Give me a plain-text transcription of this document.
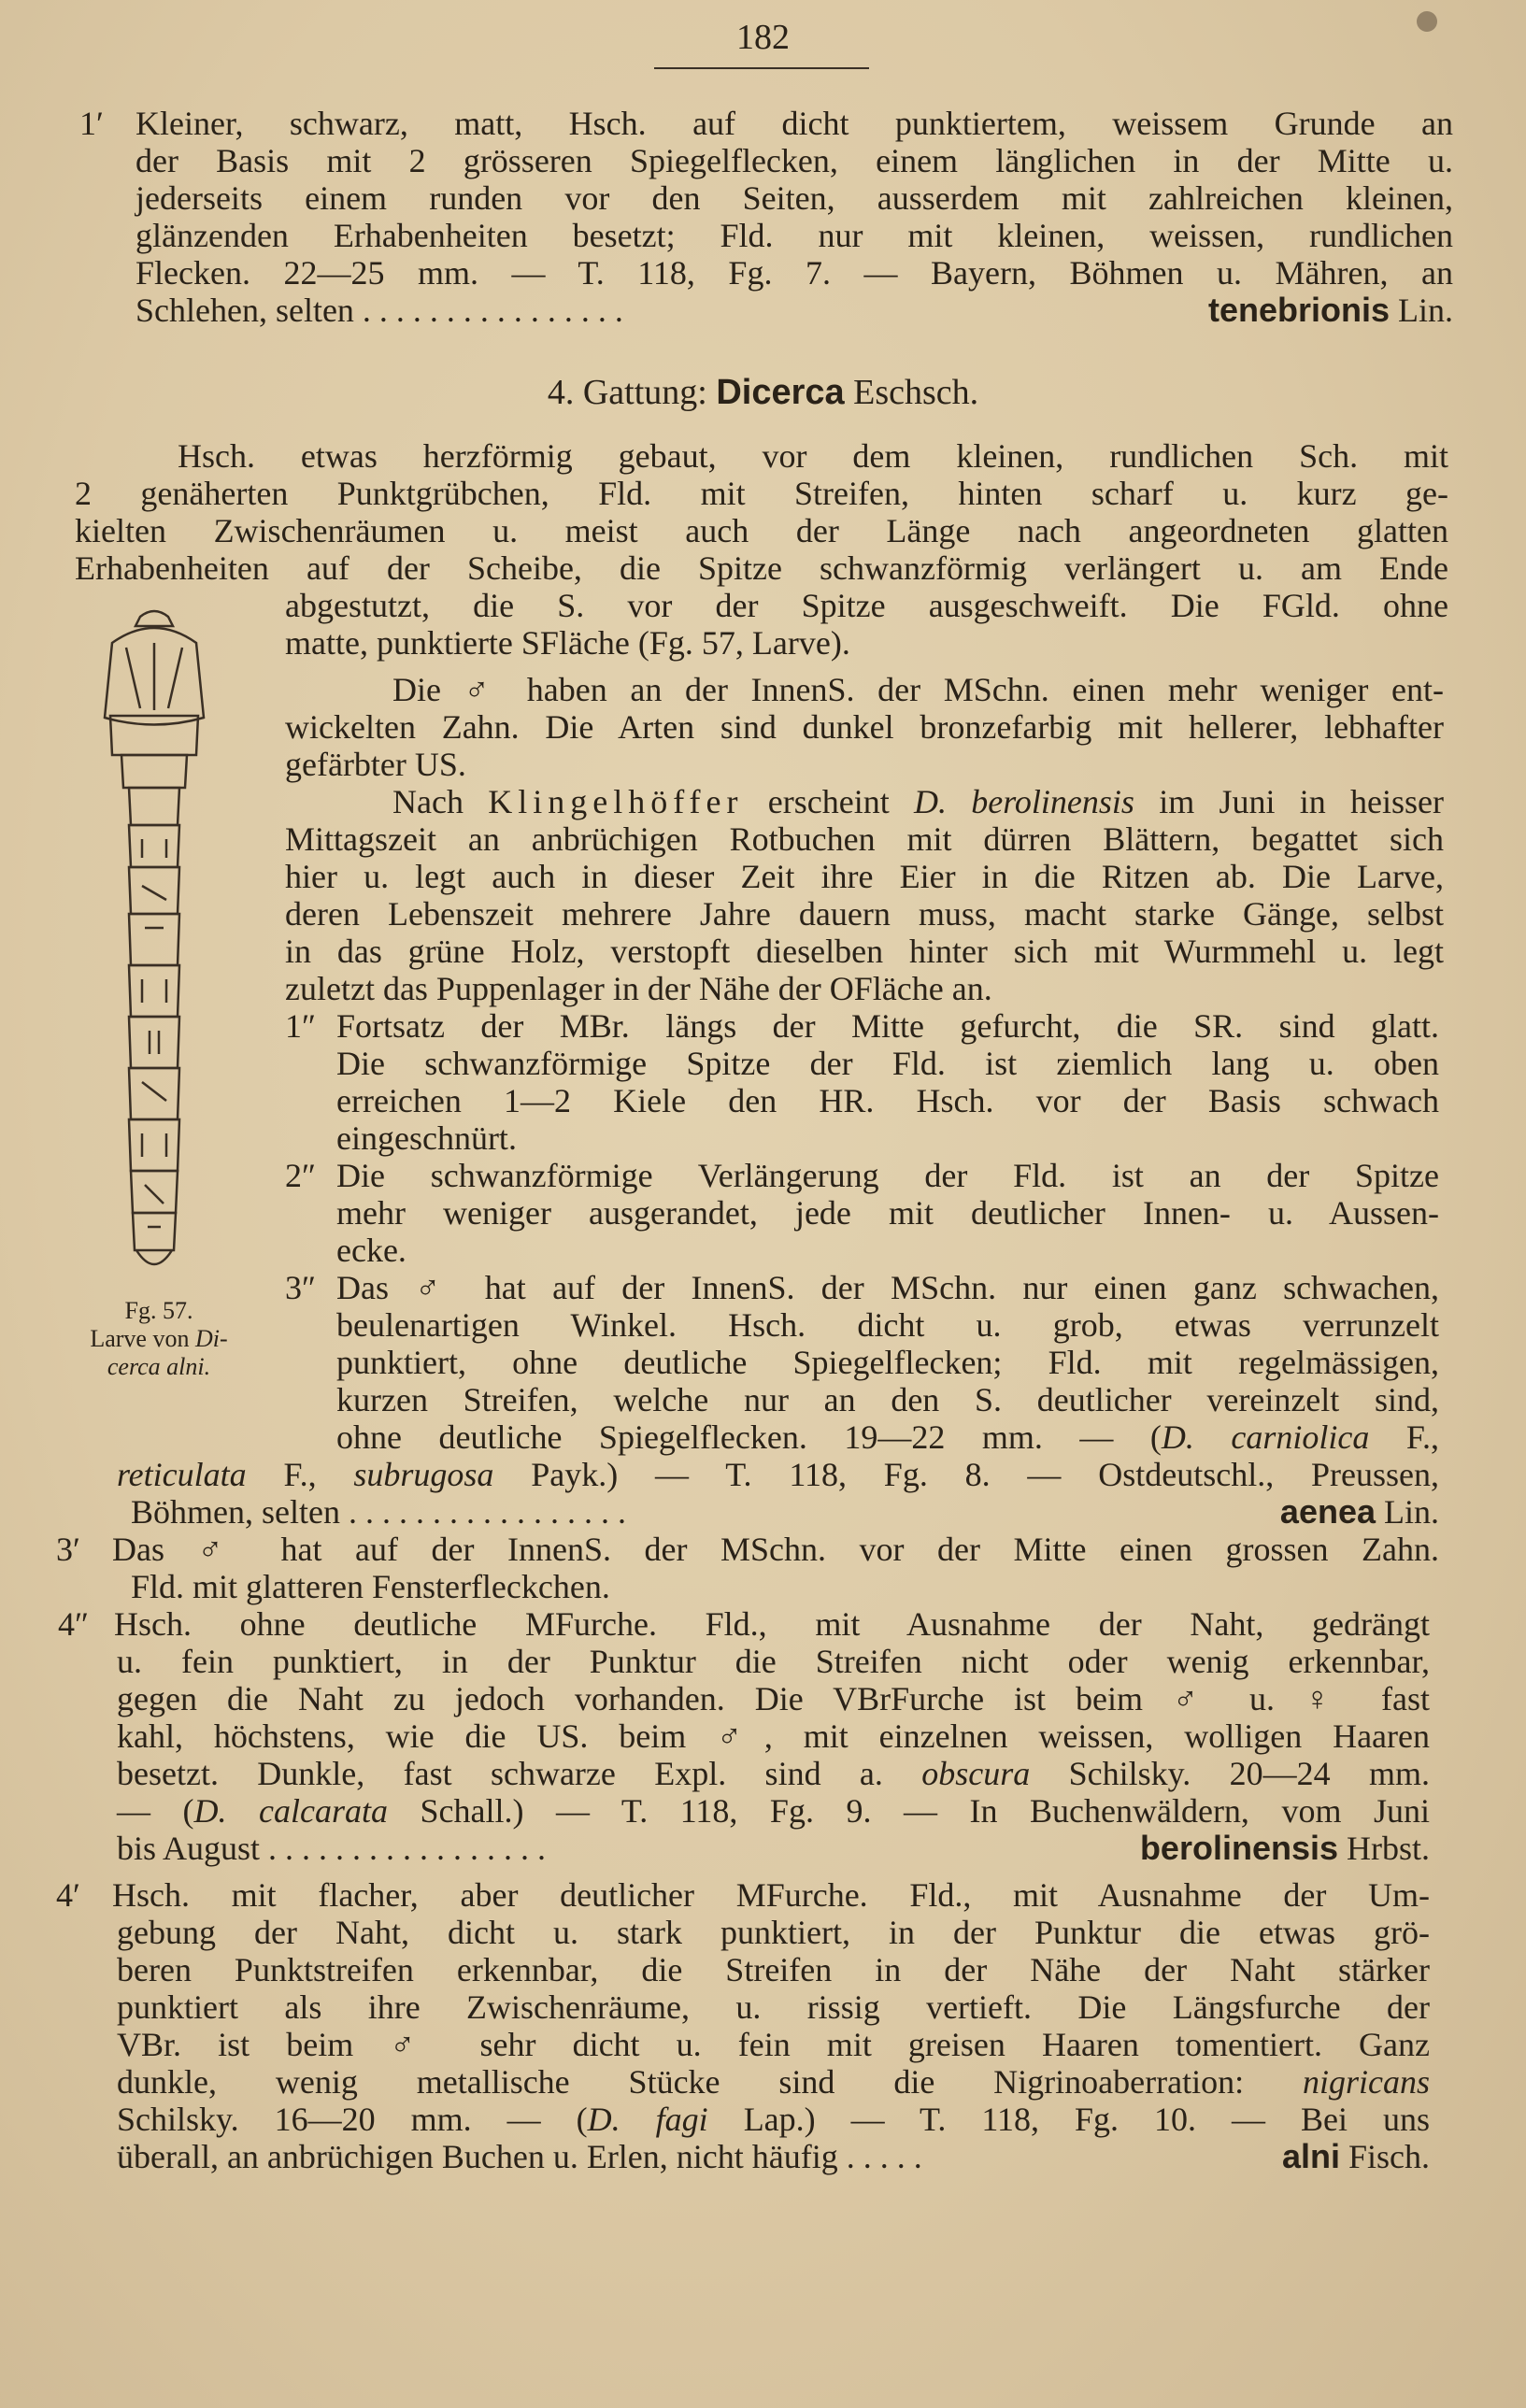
182
1′ Kleiner, schwarz, matt, Hsch. auf dicht punktiertem, weissem Grunde an
der Basis mit 2 grösseren Spiegelflecken, einem länglichen in der Mitte u.
jederseits einem runden vor den Seiten, ausserdem mit zahlreichen kleinen,
glänzenden Erhabenheiten besetzt; Fld. nur mit kleinen, weissen, rundlichen
Flecken. 22—25 mm. — T. 118, Fg. 7. — Bayern, Böhmen u. Mähren, an
Schlehen, selten . . . . . . . . . . . . . . . .	tenebrionis Lin.
4. Gattung: Dicerca Eschsch.
Hsch. etwas herzförmig gebaut, vor dem kleinen, rundlichen Sch. mit
2 genäherten Punktgrübchen, Fld. mit Streifen, hinten scharf u. kurz ge-
kielten Zwischenräumen u. meist auch der Länge nach angeordneten glatten
Erhabenheiten auf der Scheibe, die Spitze schwanzförmig verlängert u. am Ende
abgestutzt, die S. vor der Spitze ausgeschweift. Die FGld. ohne
matte, punktierte SFläche (Fg. 57, Larve).
Die ♂ haben an der InnenS. der MSchn. einen mehr weniger ent-
wickelten Zahn. Die Arten sind dunkel bronzefarbig mit hellerer, lebhafter
gefärbter US.
Nach Klingelhöffer erscheint D. berolinensis im Juni in heisser
Mittagszeit an anbrüchigen Rotbuchen mit dürren Blättern, begattet sich
hier u. legt auch in dieser Zeit ihre Eier in die Ritzen ab. Die Larve,
deren Lebenszeit mehrere Jahre dauern muss, macht starke Gänge, selbst
in das grüne Holz, verstopft dieselben hinter sich mit Wurmmehl u. legt
zuletzt das Puppenlager in der Nähe der OFläche an.
1″ Fortsatz der MBr. längs der Mitte gefurcht, die SR. sind glatt.
Die schwanzförmige Spitze der Fld. ist ziemlich lang u. oben
erreichen 1—2 Kiele den HR. Hsch. vor der Basis schwach
eingeschnürt.
2″ Die schwanzförmige Verlängerung der Fld. ist an der Spitze
mehr weniger ausgerandet, jede mit deutlicher Innen- u. Aussen-
ecke.
3″ Das ♂ hat auf der InnenS. der MSchn. nur einen ganz schwachen,
beulenartigen Winkel. Hsch. dicht u. grob, etwas verrunzelt
punktiert, ohne deutliche Spiegelflecken; Fld. mit regelmässigen,
kurzen Streifen, welche nur an den S. deutlicher vereinzelt sind,
ohne deutliche Spiegelflecken. 19—22 mm. — (D. carniolica F.,
reticulata F., subrugosa Payk.) — T. 118, Fg. 8. — Ostdeutschl., Preussen,
Böhmen, selten . . . . . . . . . . . . . . . . .	aenea Lin.
3′ Das ♂ hat auf der InnenS. der MSchn. vor der Mitte einen grossen Zahn.
Fld. mit glatteren Fensterfleckchen.
4″ Hsch. ohne deutliche MFurche. Fld., mit Ausnahme der Naht, gedrängt
u. fein punktiert, in der Punktur die Streifen nicht oder wenig erkennbar,
gegen die Naht zu jedoch vorhanden. Die VBrFurche ist beim ♂ u. ♀ fast
kahl, höchstens, wie die US. beim ♂, mit einzelnen weissen, wolligen Haaren
besetzt. Dunkle, fast schwarze Expl. sind a. obscura Schilsky. 20—24 mm.
— (D. calcarata Schall.) — T. 118, Fg. 9. — In Buchenwäldern, vom Juni
bis August . . . . . . . . . . . . . . . . .	berolinensis Hrbst.
4′ Hsch. mit flacher, aber deutlicher MFurche. Fld., mit Ausnahme der Um-
gebung der Naht, dicht u. stark punktiert, in der Punktur die etwas grö-
beren Punktstreifen erkennbar, die Streifen in der Nähe der Naht stärker
punktiert als ihre Zwischenräume, u. rissig vertieft. Die Längsfurche der
VBr. ist beim ♂ sehr dicht u. fein mit greisen Haaren tomentiert. Ganz
dunkle, wenig metallische Stücke sind die Nigrinoaberration: nigricans
Schilsky. 16—20 mm. — (D. fagi Lap.) — T. 118, Fg. 10. — Bei uns
überall, an anbrüchigen Buchen u. Erlen, nicht häufig . . . . .	alni Fisch.
Fg. 57.
Larve von Di-
cerca alni.
